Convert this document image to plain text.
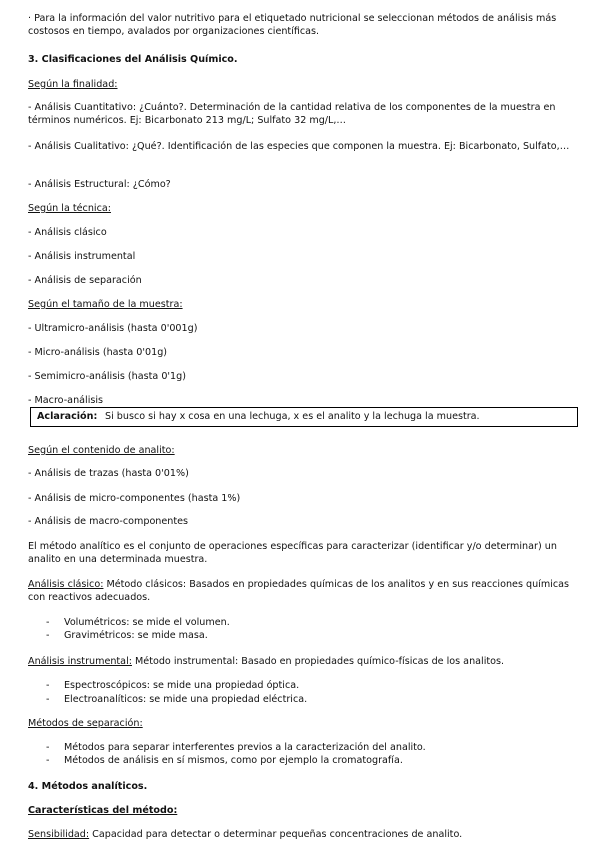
· Para la información del valor nutritivo para el etiquetado nutricional se seleccionan métodos de análisis más costosos en tiempo, avalados por organizaciones científicas.

3. Clasificaciones del Análisis Químico.

Según la finalidad:

- Análisis Cuantitativo: ¿Cuánto?. Determinación de la cantidad relativa de los componentes de la muestra en términos numéricos. Ej: Bicarbonato 213 mg/L; Sulfato 32 mg/L,…

- Análisis Cualitativo: ¿Qué?. Identificación de las especies que componen la muestra. Ej: Bicarbonato, Sulfato,…

- Análisis Estructural: ¿Cómo?

Según la técnica:

- Análisis clásico

- Análisis instrumental

- Análisis de separación

Según el tamaño de la muestra:

- Ultramicro-análisis (hasta 0'001g)

- Micro-análisis (hasta 0'01g)

- Semimicro-análisis (hasta 0'1g)

- Macro-análisis

Aclaración: Si busco si hay x cosa en una lechuga, x es el analito y la lechuga la muestra.

Según el contenido de analito:

- Análisis de trazas (hasta 0'01%)

- Análisis de micro-componentes (hasta 1%)

- Análisis de macro-componentes

El método analítico es el conjunto de operaciones específicas para caracterizar (identificar y/o determinar) un analito en una determinada muestra.

Análisis clásico: Método clásicos: Basados en propiedades químicas de los analitos y en sus reacciones químicas con reactivos adecuados.

- Volumétricos: se mide el volumen.
- Gravimétricos: se mide masa.

Análisis instrumental: Método instrumental: Basado en propiedades químico-físicas de los analitos.

- Espectroscópicos: se mide una propiedad óptica.
- Electroanalíticos: se mide una propiedad eléctrica.

Métodos de separación:

- Métodos para separar interferentes previos a la caracterización del analito.
- Métodos de análisis en sí mismos, como por ejemplo la cromatografía.

4. Métodos analíticos.

Características del método:

Sensibilidad: Capacidad para detectar o determinar pequeñas concentraciones de analito.
